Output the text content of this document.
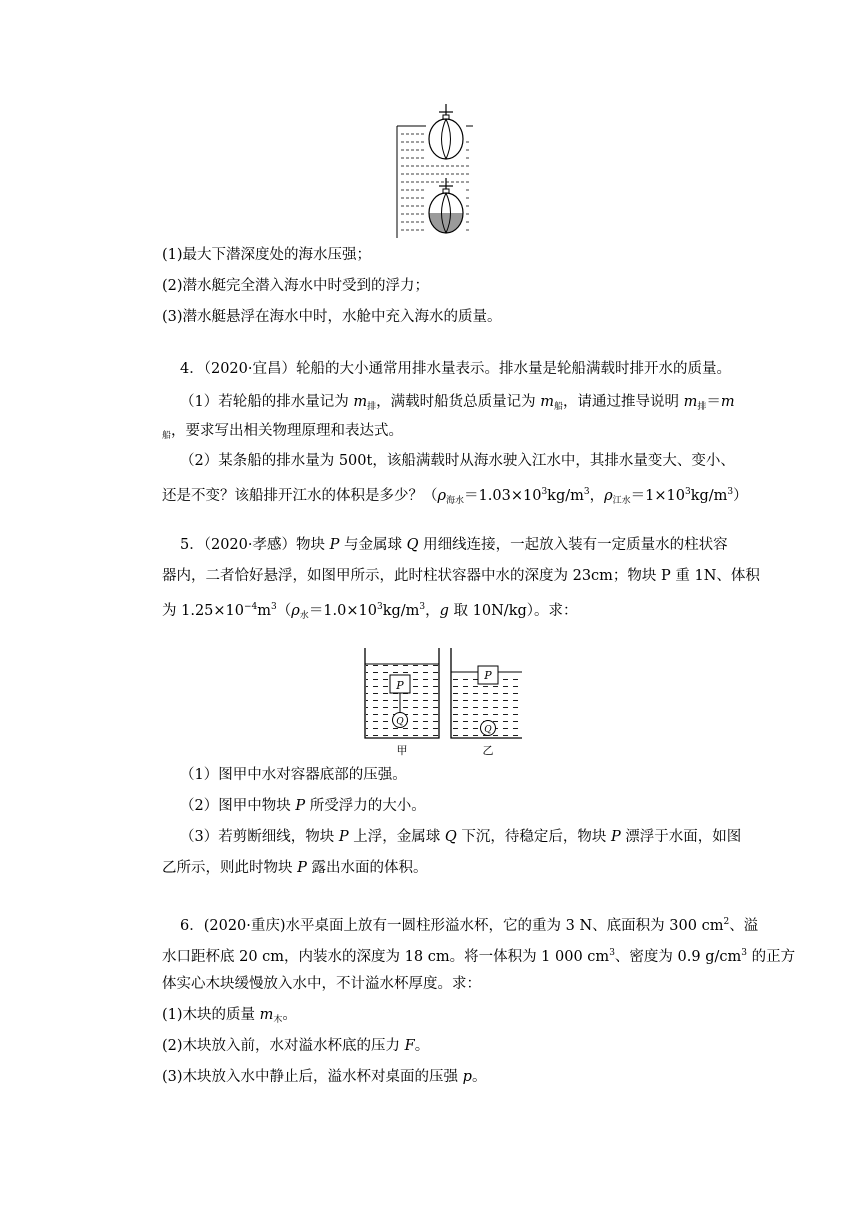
(1)最大下潜深度处的海水压强；
(2)潜水艇完全潜入海水中时受到的浮力；
(3)潜水艇悬浮在海水中时，水舱中充入海水的质量。
4．（2020·宜昌）轮船的大小通常用排水量表示。排水量是轮船满载时排开水的质量。
（1）若轮船的排水量记为 $m_排$，满载时船货总质量记为 $m_船$，请通过推导说明 $m_排=m$
$_船$，要求写出相关物理原理和表达式。
（2）某条船的排水量为 500t，该船满载时从海水驶入江水中，其排水量变大、变小、
还是不变？该船排开江水的体积是多少？（$\rho_{海水}=1.03\times 10^3kg/m^3$，$\rho_{江水}=1\times 10^3kg/m^3$）
5．（2020·孝感）物块 P 与金属球 Q 用细线连接，一起放入装有一定质量水的柱状容
器内，二者恰好悬浮，如图甲所示，此时柱状容器中水的深度为 23cm；物块 P 重 1N、体积
为 $1.25\times 10^{-4}m^3(\rho_水=1.0\times 10^3kg/m^3$，g 取 10N/kg）。求：
P
Q
P
Q
甲	乙
（1）图甲中水对容器底部的压强。
（2）图甲中物块 P 所受浮力的大小。
（3）若剪断细线，物块 P 上浮，金属球 Q 下沉，待稳定后，物块 P 漂浮于水面，如图
乙所示，则此时物块 P 露出水面的体积。
6．(2020·重庆)水平桌面上放有一圆柱形溢水杯，它的重为 3 N、底面积为 300 $cm^2$、溢
水口距杯底 20 cm，内装水的深度为 18 cm。将一体积为 1 000 $cm^3$、密度为 0.9 $g/cm^3$ 的正方
体实心木块缓慢放入水中，不计溢水杯厚度。求：
(1)木块的质量 $m_木$。
(2)木块放入前，水对溢水杯底的压力 F。
(3)木块放入水中静止后，溢水杯对桌面的压强 p。
